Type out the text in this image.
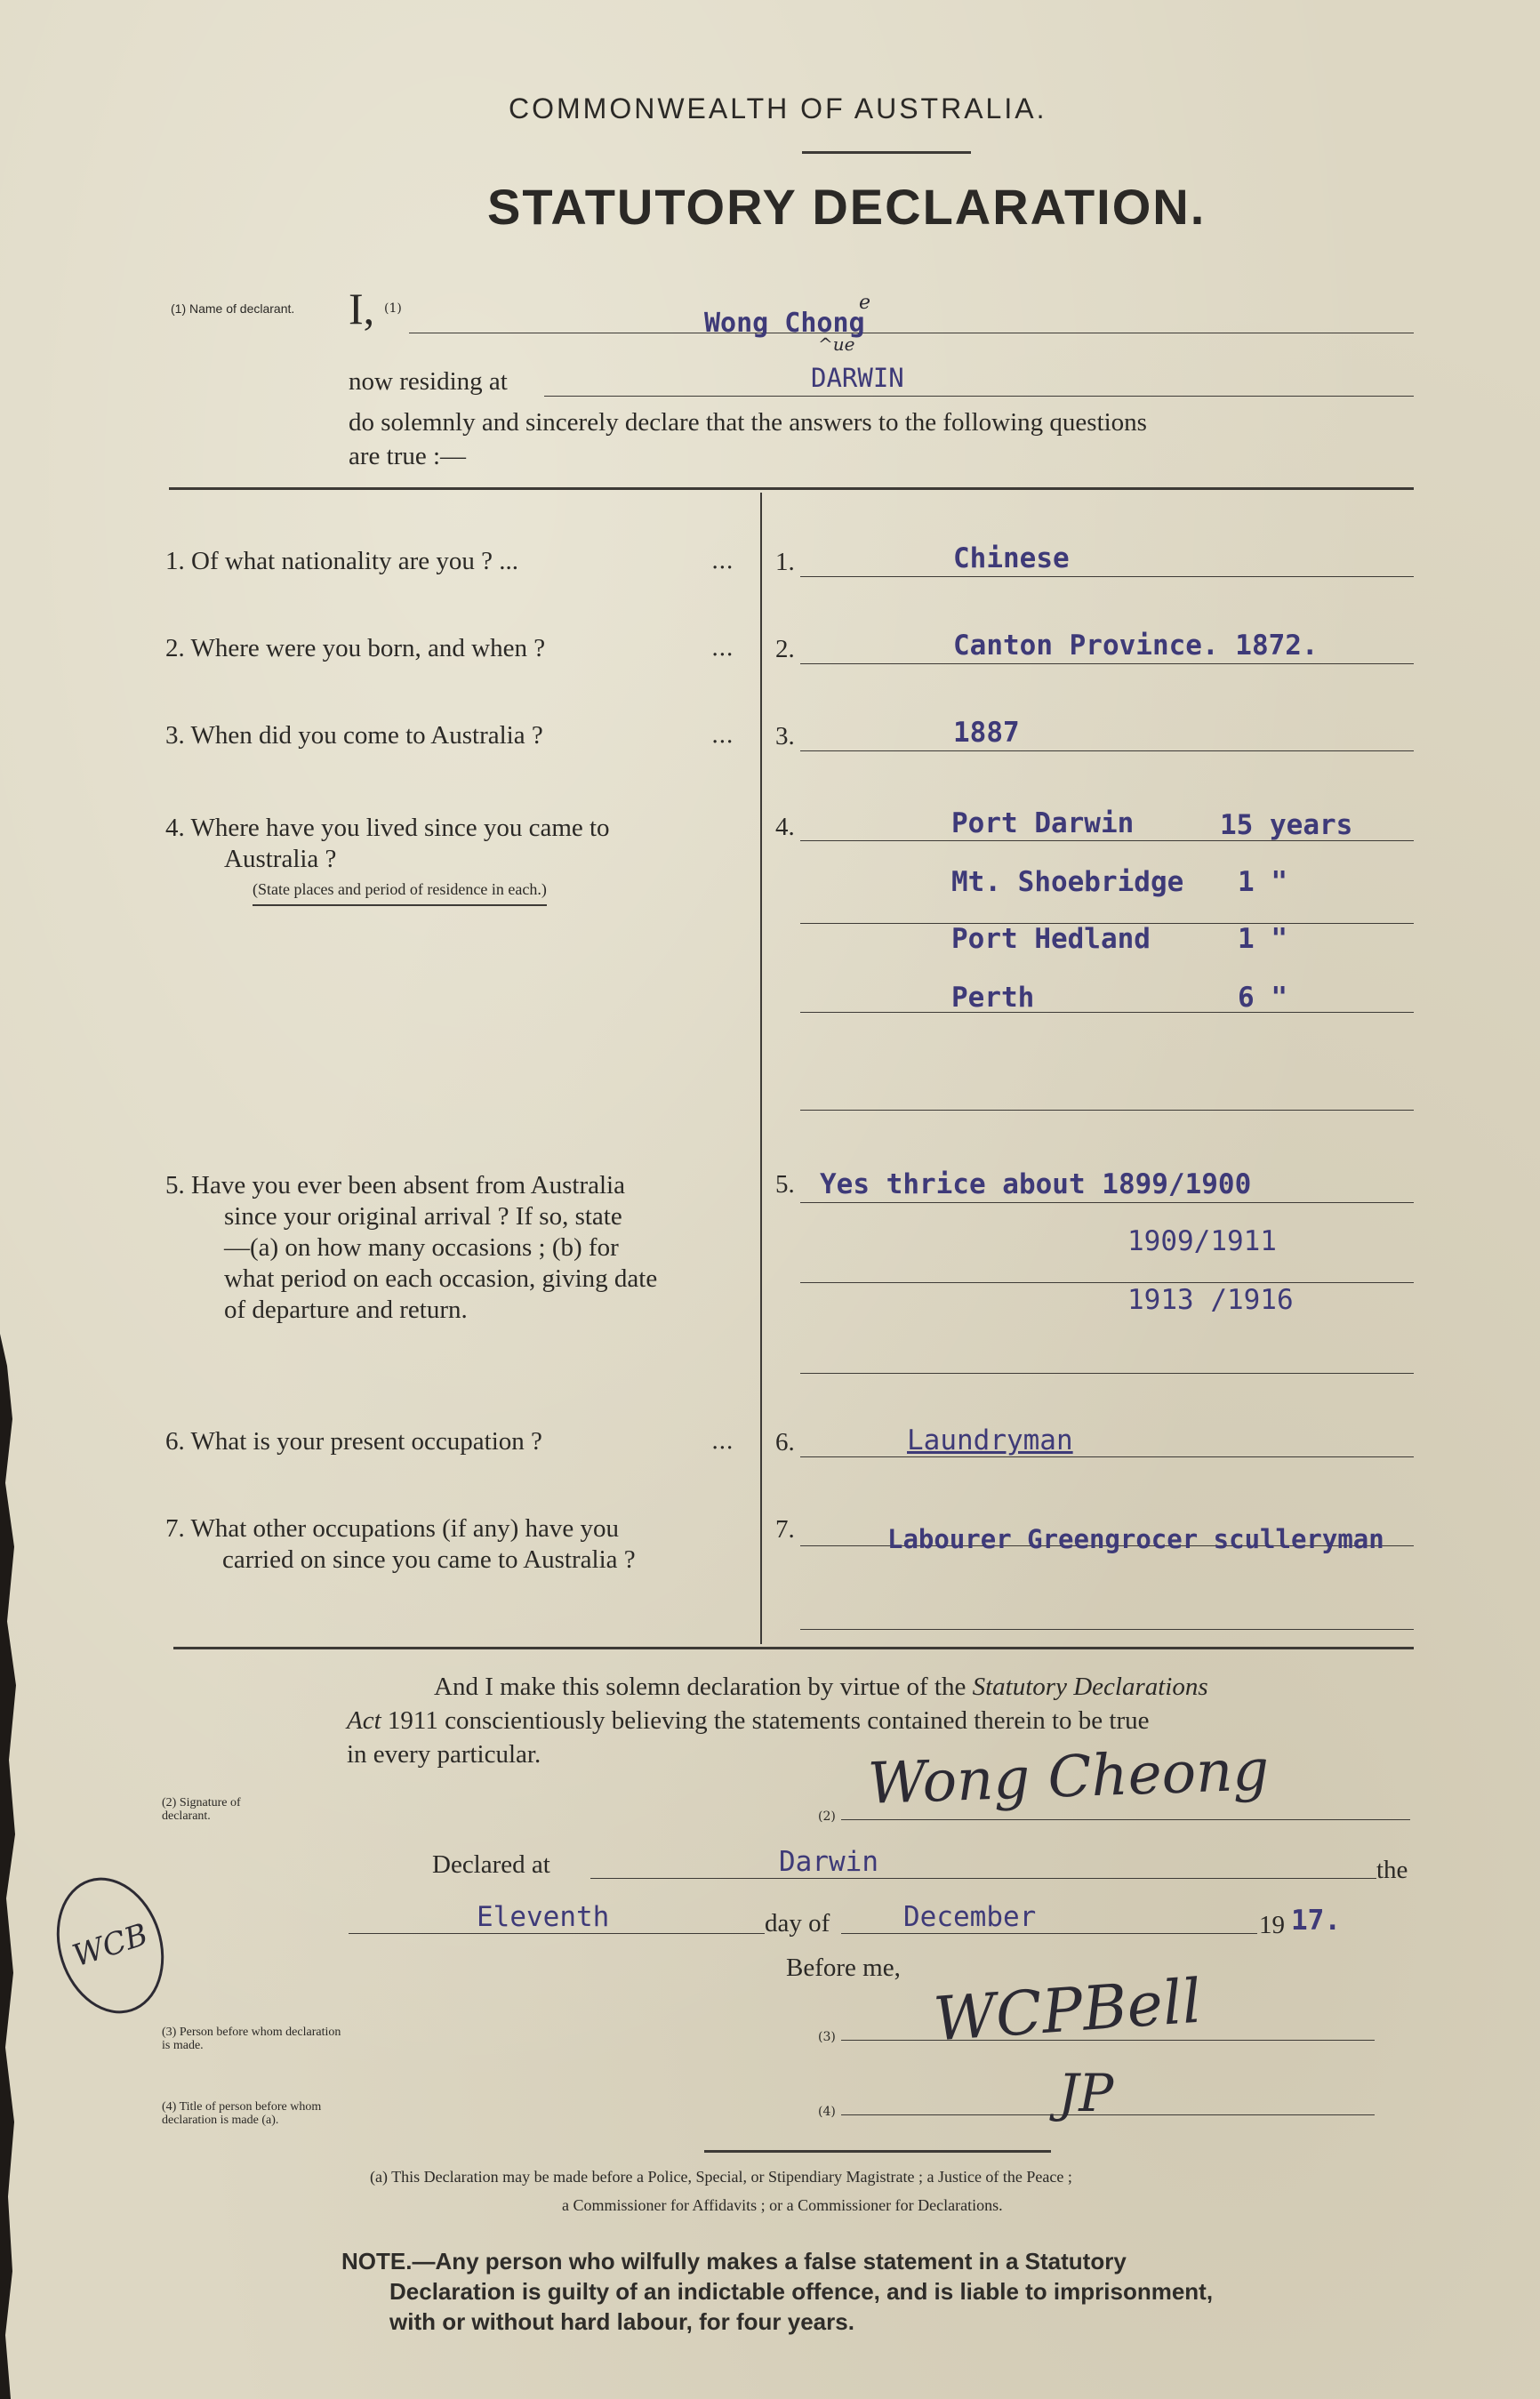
COMMONWEALTH OF AUSTRALIA.
STATUTORY DECLARATION.
(1) Name of declarant. I, (1)	Wong Chong
e
^ue
now residing at	DARWIN
do solemnly and sincerely declare that the answers to the following questions
are true :—
1. Of what nationality are you ? ...	... 1.	Chinese
2. Where were you born, and when ?	... 2.	Canton Province. 1872.
3. When did you come to Australia ?	... 3.	1887
4. Where have you lived since you came to
Australia ?
(State places and period of residence in each.)
4.	Port Darwin	15 years
Mt. Shoebridge 1 "
Port Hedland	1 "
Perth	6 "
5. Have you ever been absent from Australia
since your original arrival ? If so, state
—(a) on how many occasions ; (b) for
what period on each occasion, giving date
of departure and return.
5. Yes thrice about 1899/1900
1909/1911
1913 /1916
6. What is your present occupation ?	... 6.	Laundryman
7. What other occupations (if any) have you
carried on since you came to Australia ?
7.	Labourer Greengrocer sculleryman
And I make this solemn declaration by virtue of the Statutory Declarations
Act 1911 conscientiously believing the statements contained therein to be true
in every particular.
(2) Signature of declarant.	(2) Wong Cheong
Declared at	Darwin	the
Eleventh	day of	December	19 17.
Before me,
(3) Person before whom declaration is made.
(3) WCPBell
(4) Title of person before whom declaration is made (a).
(4)	JP
WCB
(a) This Declaration may be made before a Police, Special, or Stipendiary Magistrate ; a Justice of the Peace ;
a Commissioner for Affidavits ; or a Commissioner for Declarations.
NOTE.—Any person who wilfully makes a false statement in a Statutory
Declaration is guilty of an indictable offence, and is liable to imprisonment,
with or without hard labour, for four years.
